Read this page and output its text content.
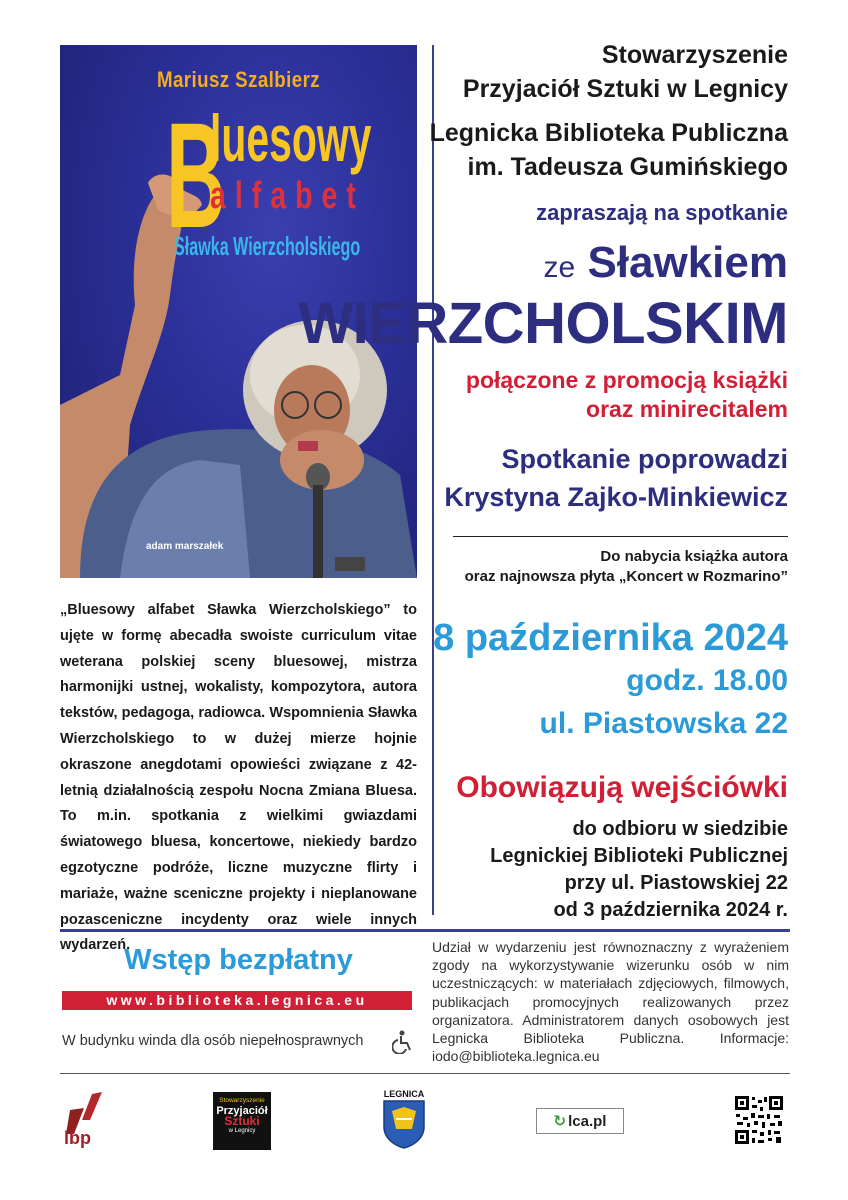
Mariusz Szalbierz
B
luesowy
alfabet
Sławka Wierzcholskiego
adam marszałek
Stowarzyszenie
Przyjaciół Sztuki w Legnicy
Legnicka Biblioteka Publiczna
im. Tadeusza Gumińskiego
zapraszają na spotkanie
ze Sławkiem
WIERZCHOLSKIM
połączone z promocją książki
oraz minirecitalem
Spotkanie poprowadzi
Krystyna Zajko-Minkiewicz
Do nabycia książka autora
oraz najnowsza płyta „Koncert w Rozmarino”
8 października 2024
godz. 18.00
ul. Piastowska 22
Obowiązują wejściówki
do odbioru w siedzibie
Legnickiej Biblioteki Publicznej
przy ul. Piastowskiej 22
od 3 października 2024 r.
„Bluesowy alfabet Sławka Wierzcholskiego” to ujęte w formę abecadła swoiste curriculum vitae weterana polskiej sceny bluesowej, mistrza harmonijki ustnej, wokalisty, kompozytora, autora tekstów, pedagoga, radiowca. Wspomnienia Sławka Wierzcholskiego to w dużej mierze hojnie okraszone anegdotami opowieści związane z 42-letnią działalnością zespołu Nocna Zmiana Bluesa. To m.in. spotkania z wielkimi gwiazdami światowego bluesa, koncertowe, niekiedy bardzo egzotyczne podróże, liczne muzyczne flirty i mariaże, ważne sceniczne projekty i nieplanowane pozasceniczne incydenty oraz wiele innych wydarzeń.
Wstęp bezpłatny
www.biblioteka.legnica.eu
W budynku winda dla osób niepełnosprawnych
Udział w wydarzeniu jest równoznaczny z wyrażeniem zgody na wykorzystywanie wizerunku osób w nim uczestniczących: w materiałach zdjęciowych, filmowych, publikacjach promocyjnych realizowanych przez organizatora. Administratorem danych osobowych jest Legnicka Biblioteka Publiczna. Informacje: iodo@biblioteka.legnica.eu
lbp
Stowarzyszenie
Przyjaciół
Sztuki
w Legnicy
LEGNICA
↻ lca.pl
